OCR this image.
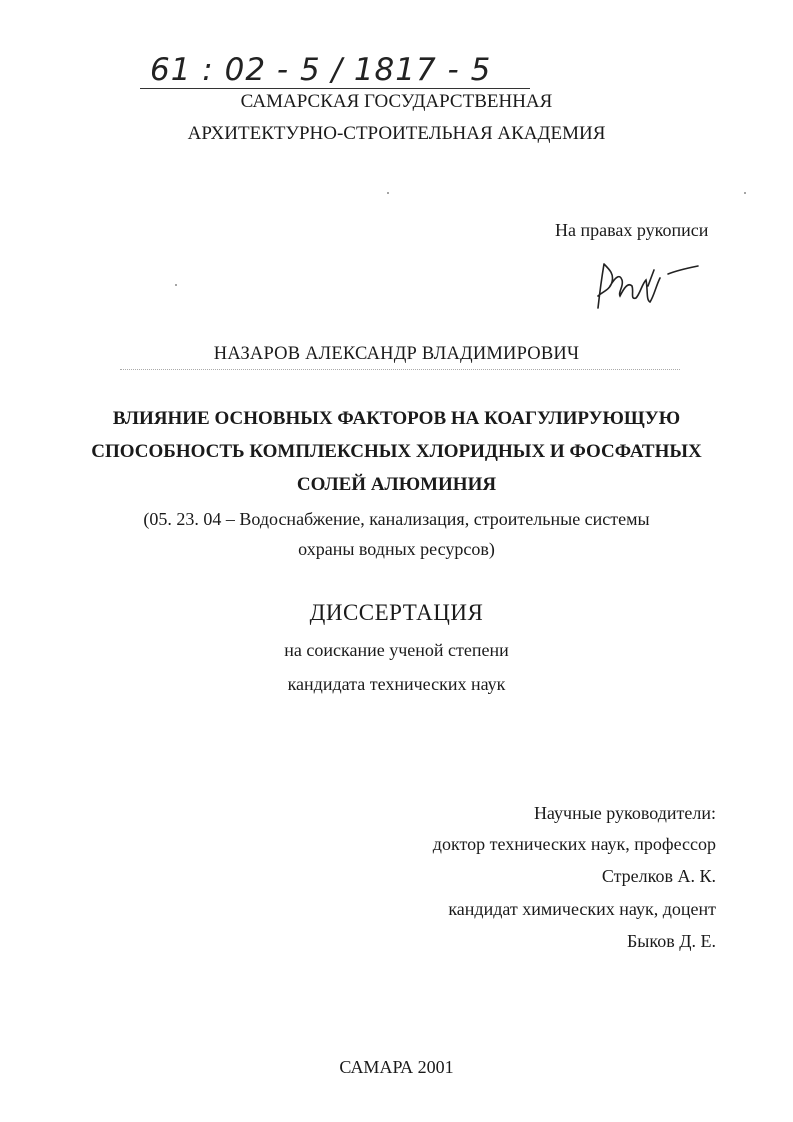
61 : 02 - 5 / 1817 - 5
САМАРСКАЯ ГОСУДАРСТВЕННАЯ
АРХИТЕКТУРНО-СТРОИТЕЛЬНАЯ АКАДЕМИЯ
На правах рукописи
НАЗАРОВ АЛЕКСАНДР ВЛАДИМИРОВИЧ
ВЛИЯНИЕ ОСНОВНЫХ ФАКТОРОВ НА КОАГУЛИРУЮЩУЮ
СПОСОБНОСТЬ КОМПЛЕКСНЫХ ХЛОРИДНЫХ И ФОСФАТНЫХ
СОЛЕЙ АЛЮМИНИЯ
(05. 23. 04 – Водоснабжение, канализация, строительные системы
охраны водных ресурсов)
ДИССЕРТАЦИЯ
на соискание ученой степени
кандидата технических наук
Научные руководители:
доктор технических наук, профессор
Стрелков А. К.
кандидат химических наук, доцент
Быков Д. Е.
САМАРА 2001
